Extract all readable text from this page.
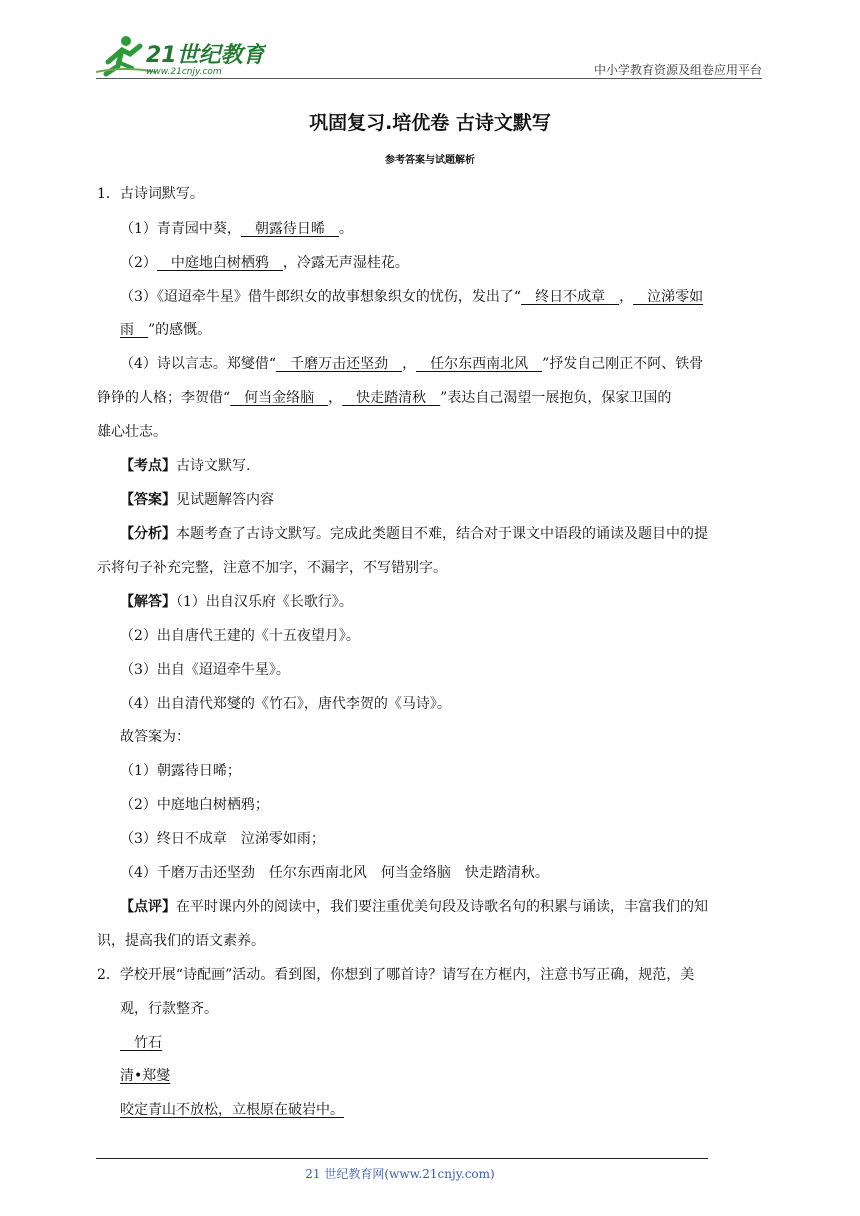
21世纪教育
www.21cnjy.com	中小学教育资源及组卷应用平台
巩固复习.培优卷 古诗文默写
参考答案与试题解析
1．古诗词默写。
（1）青青园中葵，  朝露待日晞  。
（2）  中庭地白树栖鸦  ，冷露无声湿桂花。
（3）《迢迢牵牛星》借牛郎织女的故事想象织女的忧伤，发出了“  终日不成章  ，  泣涕零如
雨  ”的感慨。
（4）诗以言志。郑燮借“  千磨万击还坚劲  ，  任尔东西南北风  ”抒发自己刚正不阿、铁骨
铮铮的人格；李贺借“  何当金络脑  ，  快走踏清秋  ”表达自己渴望一展抱负，保家卫国的
雄心壮志。
【考点】古诗文默写.
【答案】见试题解答内容
【分析】本题考查了古诗文默写。完成此类题目不难，结合对于课文中语段的诵读及题目中的提
示将句子补充完整，注意不加字，不漏字，不写错别字。
【解答】（1）出自汉乐府《长歌行》。
（2）出自唐代王建的《十五夜望月》。
（3）出自《迢迢牵牛星》。
（4）出自清代郑燮的《竹石》，唐代李贺的《马诗》。
故答案为：
（1）朝露待日晞；
（2）中庭地白树栖鸦；
（3）终日不成章　泣涕零如雨；
（4）千磨万击还坚劲　任尔东西南北风　何当金络脑　快走踏清秋。
【点评】在平时课内外的阅读中，我们要注重优美句段及诗歌名句的积累与诵读，丰富我们的知
识，提高我们的语文素养。
2．学校开展“诗配画”活动。看到图，你想到了哪首诗？请写在方框内，注意书写正确，规范，美
观，行款整齐。
 竹石
清•郑燮
咬定青山不放松，立根原在破岩中。
21 世纪教育网(www.21cnjy.com)
